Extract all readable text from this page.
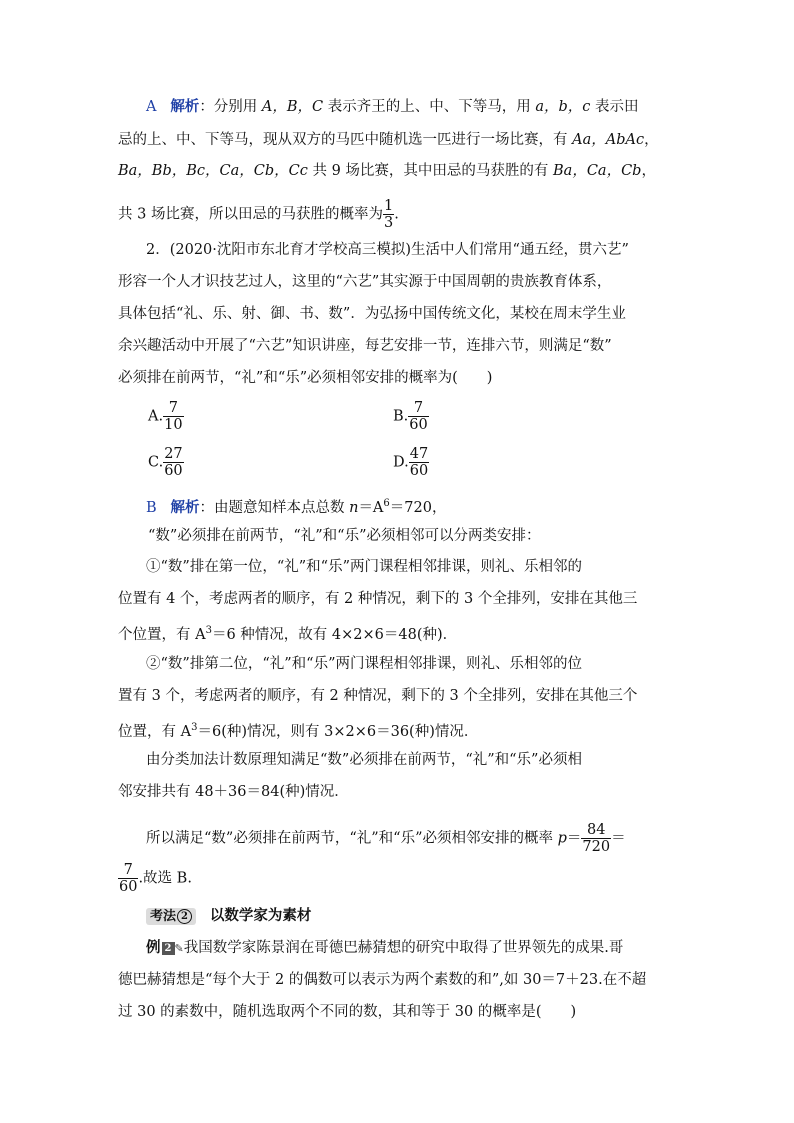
A 解析：分别用 A，B，C 表示齐王的上、中、下等马，用 a，b，c 表示田
忌的上、中、下等马，现从双方的马匹中随机选一匹进行一场比赛，有 Aa，AbAc，
Ba，Bb，Bc，Ca，Cb，Cc 共 9 场比赛，其中田忌的马获胜的有 Ba，Ca，Cb，
共 3 场比赛，所以田忌的马获胜的概率为 $\frac{1}{3}$ .
2．(2020·沈阳市东北育才学校高三模拟)生活中人们常用“通五经，贯六艺”
形容一个人才识技艺过人，这里的“六艺”其实源于中国周朝的贵族教育体系，
具体包括“礼、乐、射、御、书、数”．为弘扬中国传统文化，某校在周末学生业
余兴趣活动中开展了“六艺”知识讲座，每艺安排一节，连排六节，则满足“数”
必须排在前两节，“礼”和“乐”必须相邻安排的概率为(　　)
A. $\frac{7}{10}$	B. $\frac{7}{60}$
C. $\frac{27}{60}$	D. $\frac{47}{60}$
B 解析：由题意知样本点总数 $n=A^6=720$，
“数”必须排在前两节，“礼”和“乐”必须相邻可以分两类安排：
①“数”排在第一位，“礼”和“乐”两门课程相邻排课，则礼、乐相邻的
位置有 4 个，考虑两者的顺序，有 2 种情况，剩下的 3 个全排列，安排在其他三
个位置，有 $A^3=6$ 种情况，故有 4×2×6＝48(种)．
②“数”排第二位，“礼”和“乐”两门课程相邻排课，则礼、乐相邻的位
置有 3 个，考虑两者的顺序，有 2 种情况，剩下的 3 个全排列，安排在其他三个
位置，有 $A^3=6$(种)情况，则有 3×2×6＝36(种)情况．
由分类加法计数原理知满足“数”必须排在前两节，“礼”和“乐”必须相
邻安排共有 48＋36＝84(种)情况．
所以满足“数”必须排在前两节，“礼”和“乐”必须相邻安排的概率 $p= \frac{84}{720}$ ＝
$\frac{7}{60}$ .故选 B.
考法 2 以数学家为素材
例 2 ✎我国数学家陈景润在哥德巴赫猜想的研究中取得了世界领先的成果.哥
德巴赫猜想是“每个大于 2 的偶数可以表示为两个素数的和”,如 30＝7＋23.在不超
过 30 的素数中，随机选取两个不同的数，其和等于 30 的概率是(　　)
